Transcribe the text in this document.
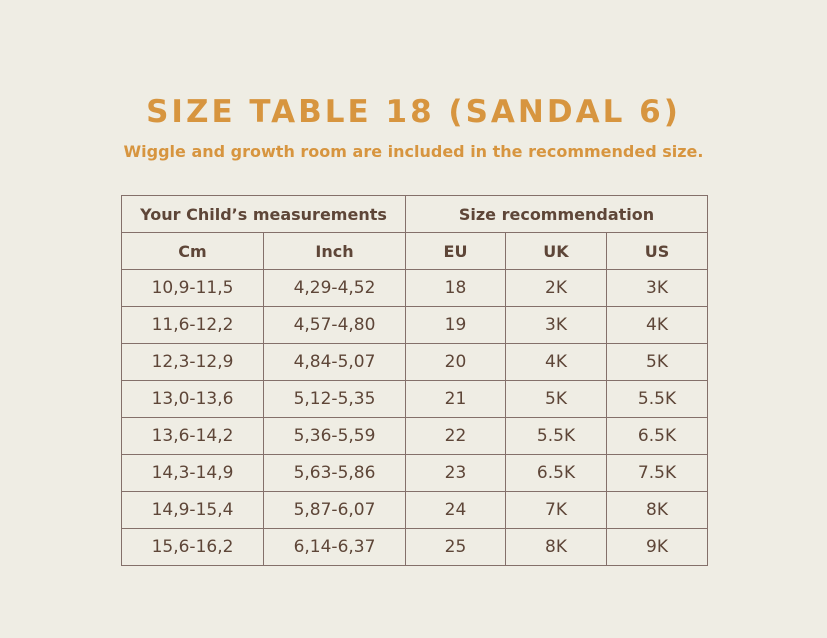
SIZE TABLE 18 (SANDAL 6)
Wiggle and growth room are included in the recommended size.
Your Child’s measurements		Size recommendation		
Cm	Inch	EU	UK	US
10,9-11,5	4,29-4,52	18	2K	3K
11,6-12,2	4,57-4,80	19	3K	4K
12,3-12,9	4,84-5,07	20	4K	5K
13,0-13,6	5,12-5,35	21	5K	5.5K
13,6-14,2	5,36-5,59	22	5.5K	6.5K
14,3-14,9	5,63-5,86	23	6.5K	7.5K
14,9-15,4	5,87-6,07	24	7K	8K
15,6-16,2	6,14-6,37	25	8K	9K
